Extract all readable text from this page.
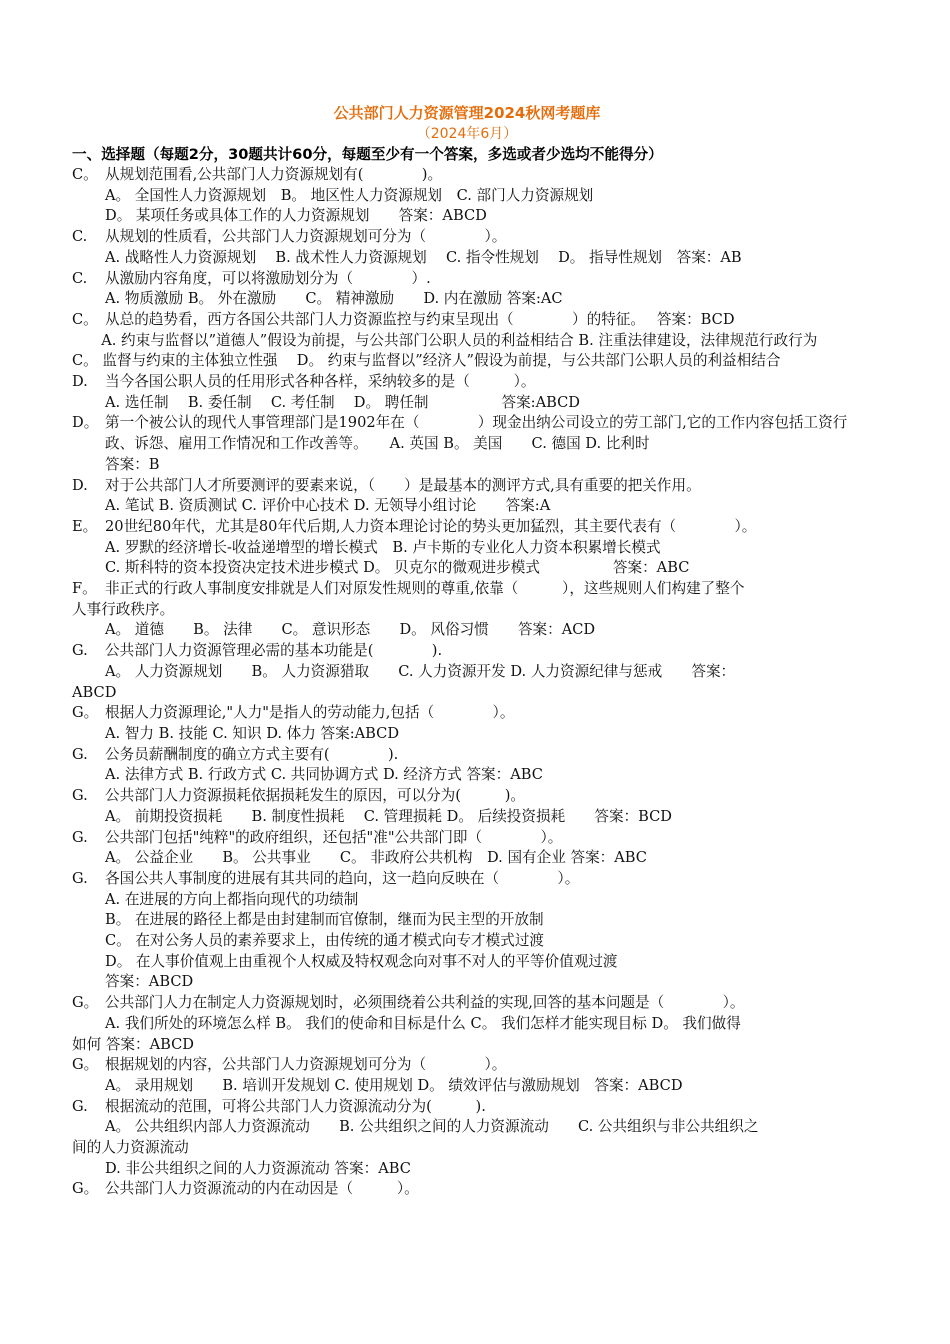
公共部门人力资源管理2024秋网考题库
（2024年6月）
一、选择题（每题2分，30题共计60分，每题至少有一个答案，多选或者少选均不能得分）
C。 从规划范围看,公共部门人力资源规划有(　　　　)。
A。 全国性人力资源规划　B。 地区性人力资源规划　C. 部门人力资源规划
D。 某项任务或具体工作的人力资源规划　　答案：ABCD
C.	从规划的性质看，公共部门人力资源规划可分为（　　　　）。
A. 战略性人力资源规划　 B. 战术性人力资源规划　 C. 指令性规划　 D。 指导性规划　答案：AB
C.	从激励内容角度，可以将激励划分为（　　　　）.
A. 物质激励 B。 外在激励　　C。 精神激励　　D. 内在激励 答案:AC
C。 从总的趋势看，西方各国公共部门人力资源监控与约束呈现出（　　　　）的特征。　 答案：BCD
　　A. 约束与监督以”道德人”假设为前提，与公共部门公职人员的利益相结合 B. 注重法律建设，法律规范行政行为　　 C。 监督与约束的主体独立性强　 D。 约束与监督以”经济人”假设为前提，与公共部门公职人员的利益相结合
D.	当今各国公职人员的任用形式各种各样，采纳较多的是（　　　）。
A. 选任制　 B. 委任制　 C. 考任制　 D。 聘任制　　　　　答案:ABCD
D。 第一个被公认的现代人事管理部门是1902年在（　　　　）现金出纳公司设立的劳工部门,它的工作内容包括工资行政、诉怨、雇用工作情况和工作改善等。　　A. 英国 B。 美国　　C. 德国 D. 比利时
答案：B
D.	对于公共部门人才所要测评的要素来说，（　　）是最基本的测评方式,具有重要的把关作用。
A. 笔试 B. 资质测试 C. 评价中心技术 D. 无领导小组讨论　　答案:A
E。 20世纪80年代，尤其是80年代后期,人力资本理论讨论的势头更加猛烈，其主要代表有（　　　　）。
A. 罗默的经济增长-收益递增型的增长模式　B. 卢卡斯的专业化人力资本积累增长模式
C. 斯科特的资本投资决定技术进步模式 D。 贝克尔的微观进步模式　　　　　答案：ABC
F。 非正式的行政人事制度安排就是人们对原发性规则的尊重,依靠（　　　），这些规则人们构建了整个
人事行政秩序。
A。 道德　　B。 法律　　C。 意识形态　　D。 风俗习惯　　答案：ACD
G.	公共部门人力资源管理必需的基本功能是(　　　　).
A。 人力资源规划　　B。 人力资源猎取　　C. 人力资源开发 D. 人力资源纪律与惩戒　　答案：
ABCD
G。 根据人力资源理论,"人力"是指人的劳动能力,包括（　　　　）。
A. 智力 B. 技能 C. 知识 D. 体力 答案:ABCD
G.	公务员薪酬制度的确立方式主要有(　　　　).
A. 法律方式 B. 行政方式 C. 共同协调方式 D. 经济方式 答案：ABC
G.	公共部门人力资源损耗依据损耗发生的原因，可以分为(　　　)。
A。 前期投资损耗　　B. 制度性损耗　 C. 管理损耗 D。 后续投资损耗　　答案：BCD
G.	公共部门包括"纯粹"的政府组织，还包括"准"公共部门即（　　　　）。
A。 公益企业　　B。 公共事业　　C。 非政府公共机构　D. 国有企业 答案：ABC
G.	各国公共人事制度的进展有其共同的趋向，这一趋向反映在（　　　　）。
A. 在进展的方向上都指向现代的功绩制
B。 在进展的路径上都是由封建制而官僚制，继而为民主型的开放制
C。 在对公务人员的素养要求上，由传统的通才模式向专才模式过渡
D。 在人事价值观上由重视个人权威及特权观念向对事不对人的平等价值观过渡
答案：ABCD
G。 公共部门人力在制定人力资源规划时，必须围绕着公共利益的实现,回答的基本问题是（　　　　）。
A. 我们所处的环境怎么样 B。 我们的使命和目标是什么 C。 我们怎样才能实现目标 D。 我们做得
如何 答案：ABCD
G。 根据规划的内容，公共部门人力资源规划可分为（　　　　）。
A。 录用规划　　B. 培训开发规划 C. 使用规划 D。 绩效评估与激励规划　答案：ABCD
G.	根据流动的范围，可将公共部门人力资源流动分为(　　　).
A。 公共组织内部人力资源流动　　B. 公共组织之间的人力资源流动　　C. 公共组织与非公共组织之
间的人力资源流动
D. 非公共组织之间的人力资源流动 答案：ABC
G。 公共部门人力资源流动的内在动因是（　　　）。
